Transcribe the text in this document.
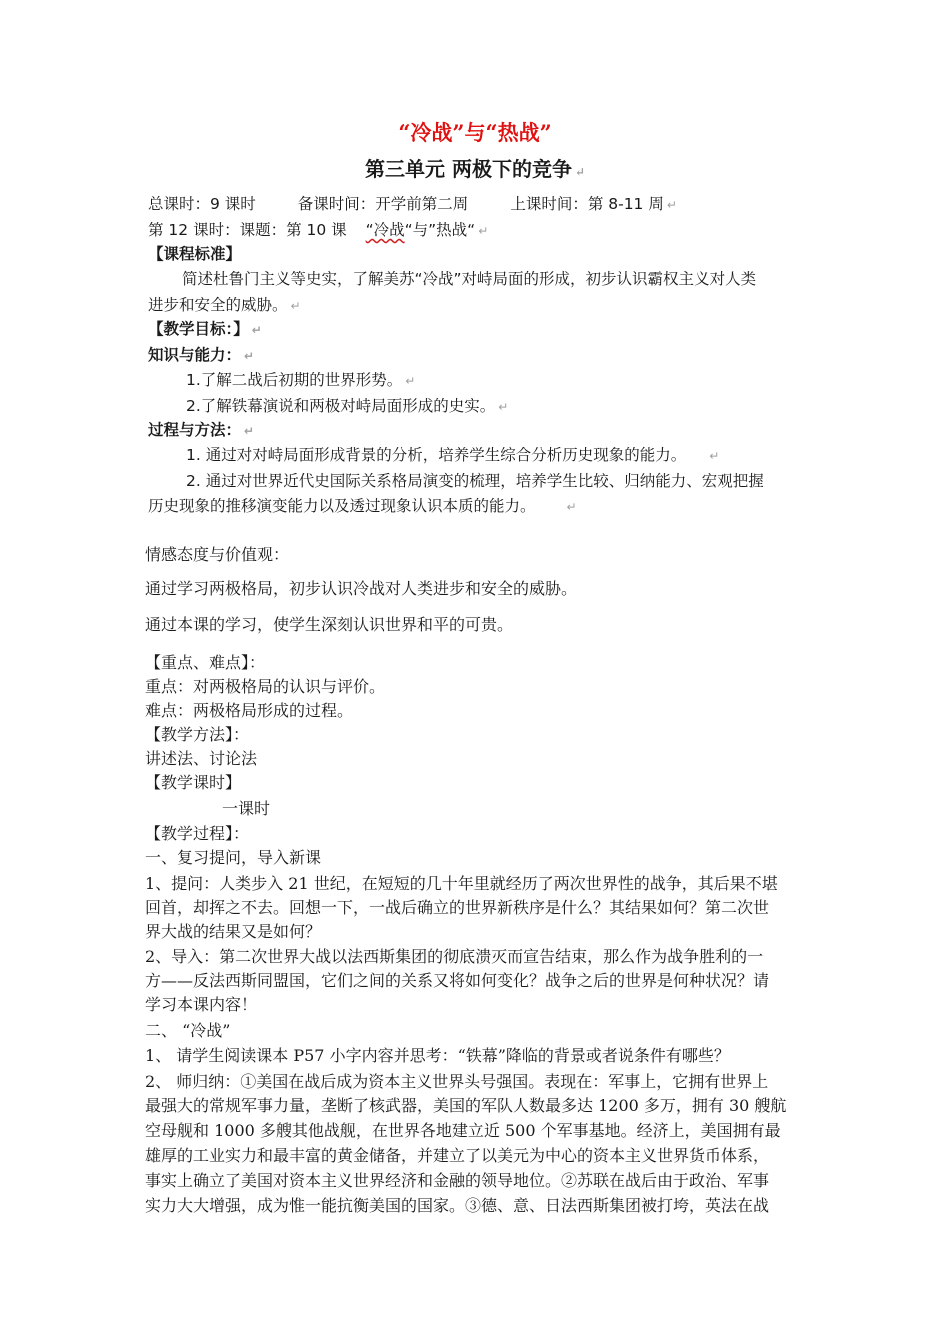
“冷战”与“热战”
第三单元 两极下的竞争 ↵
总课时：9 课时	备课时间：开学前第二周	上课时间：第 8-11 周 ↵
第 12 课时：课题：第 10 课 “冷战“与”热战“ ↵
【课程标准】
简述杜鲁门主义等史实，了解美苏“冷战”对峙局面的形成，初步认识霸权主义对人类
进步和安全的威胁。 ↵
【教学目标：】 ↵
知识与能力： ↵
1.了解二战后初期的世界形势。 ↵
2.了解铁幕演说和两极对峙局面形成的史实。 ↵
过程与方法： ↵
1. 通过对对峙局面形成背景的分析，培养学生综合分析历史现象的能力。 ↵
2. 通过对世界近代史国际关系格局演变的梳理，培养学生比较、归纳能力、宏观把握
历史现象的推移演变能力以及透过现象认识本质的能力。	↵
情感态度与价值观：
通过学习两极格局，初步认识冷战对人类进步和安全的威胁。
通过本课的学习，使学生深刻认识世界和平的可贵。
【重点、难点】：
重点：对两极格局的认识与评价。
难点：两极格局形成的过程。
【教学方法】：
讲述法、讨论法
【教学课时】
一课时
【教学过程】：
一、复习提问，导入新课
1、提问：人类步入 21 世纪，在短短的几十年里就经历了两次世界性的战争，其后果不堪
回首，却挥之不去。回想一下，一战后确立的世界新秩序是什么？其结果如何？第二次世
界大战的结果又是如何？
2、导入：第二次世界大战以法西斯集团的彻底溃灭而宣告结束，那么作为战争胜利的一
方——反法西斯同盟国，它们之间的关系又将如何变化？战争之后的世界是何种状况？请
学习本课内容！
二、 “冷战”
1、 请学生阅读课本 P57 小字内容并思考：“铁幕”降临的背景或者说条件有哪些？
2、 师归纳：①美国在战后成为资本主义世界头号强国。表现在：军事上，它拥有世界上
最强大的常规军事力量，垄断了核武器，美国的军队人数最多达 1200 多万，拥有 30 艘航
空母舰和 1000 多艘其他战舰，在世界各地建立近 500 个军事基地。经济上，美国拥有最
雄厚的工业实力和最丰富的黄金储备，并建立了以美元为中心的资本主义世界货币体系，
事实上确立了美国对资本主义世界经济和金融的领导地位。②苏联在战后由于政治、军事
实力大大增强，成为惟一能抗衡美国的国家。③德、意、日法西斯集团被打垮，英法在战
